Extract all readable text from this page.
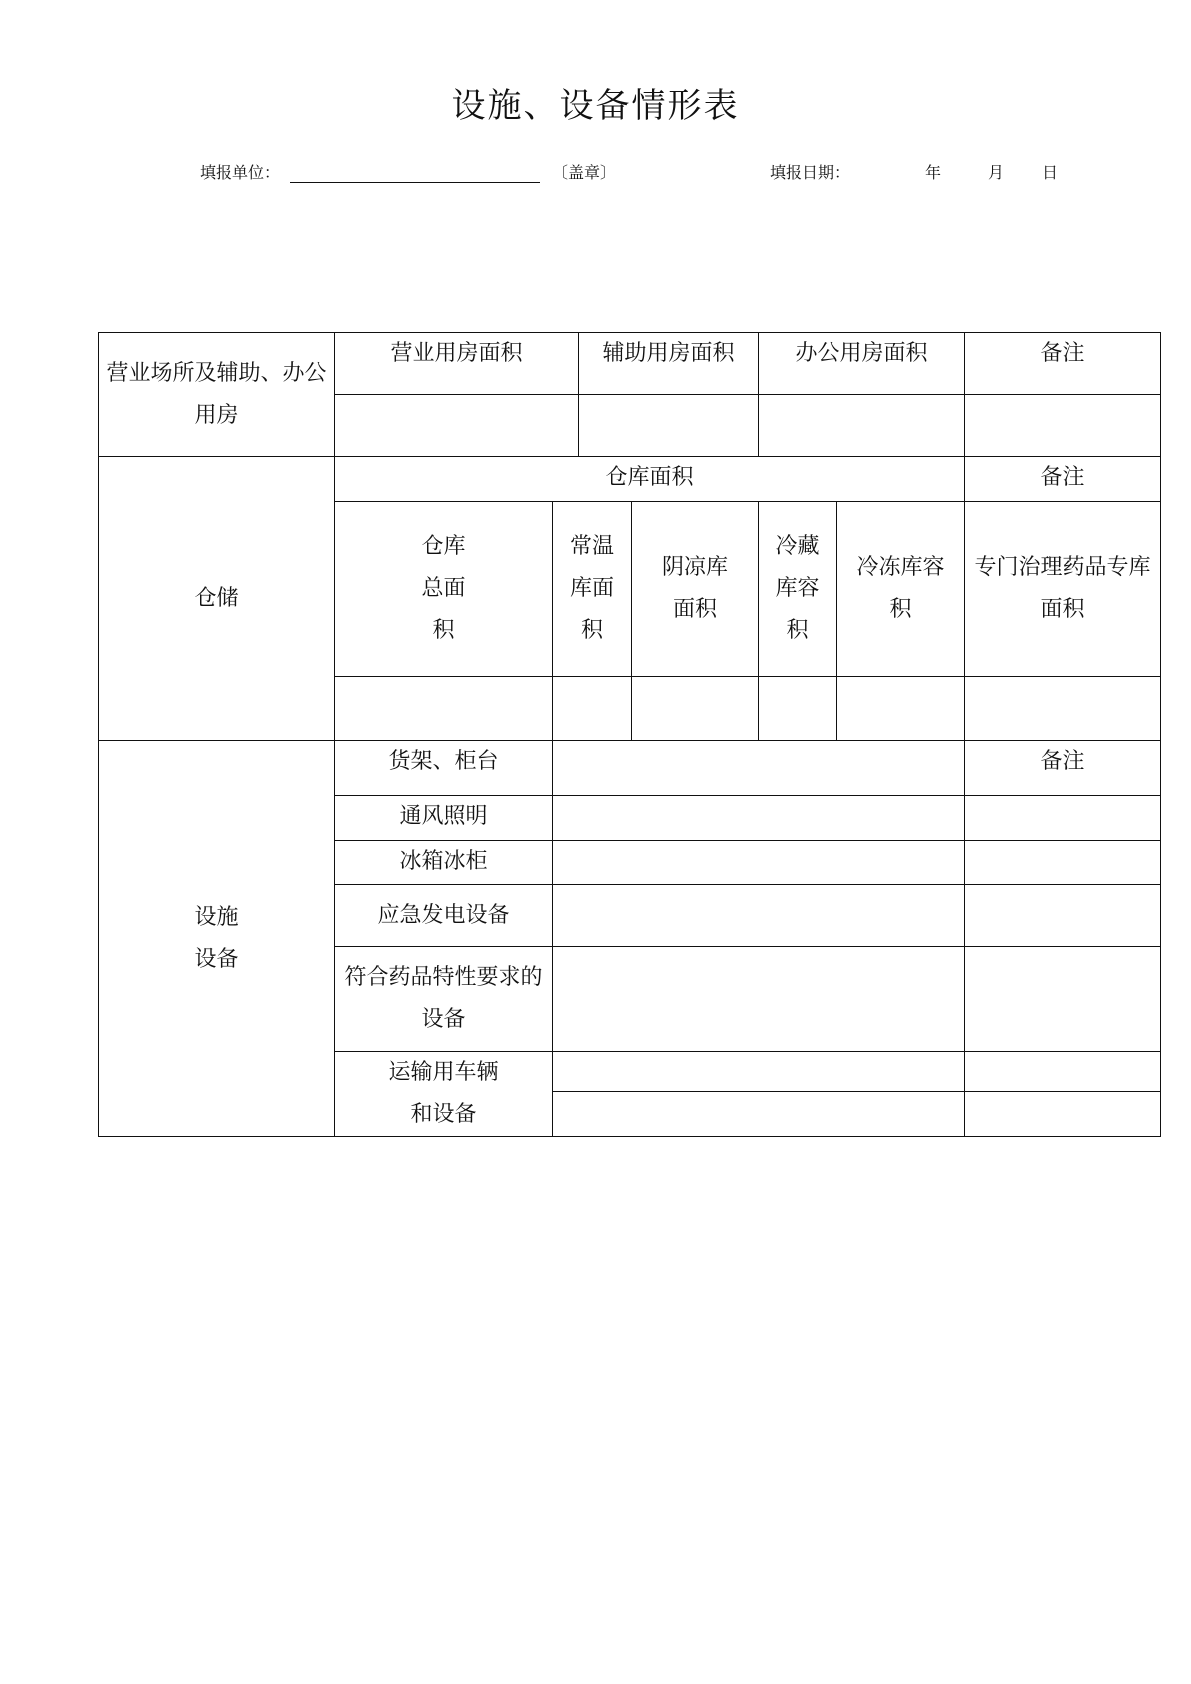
设施、设备情形表
填报单位：	〔盖章〕	填报日期：	年	月 日
营业场所及辅助、办公用房	营业用房面积		辅助用房面积		办公用房面积		备注

仓储	仓库面积						备注
	仓库总面积	常温库面积		阴凉库面积	冷藏库容积	冷冻库容积	专门治理药品专库面积

设施设备	货架、柜台						备注
	通风照明						
	冰箱冰柜						
	应急发电设备						
	符合药品特性要求的设备						
	运输用车辆和设备						
